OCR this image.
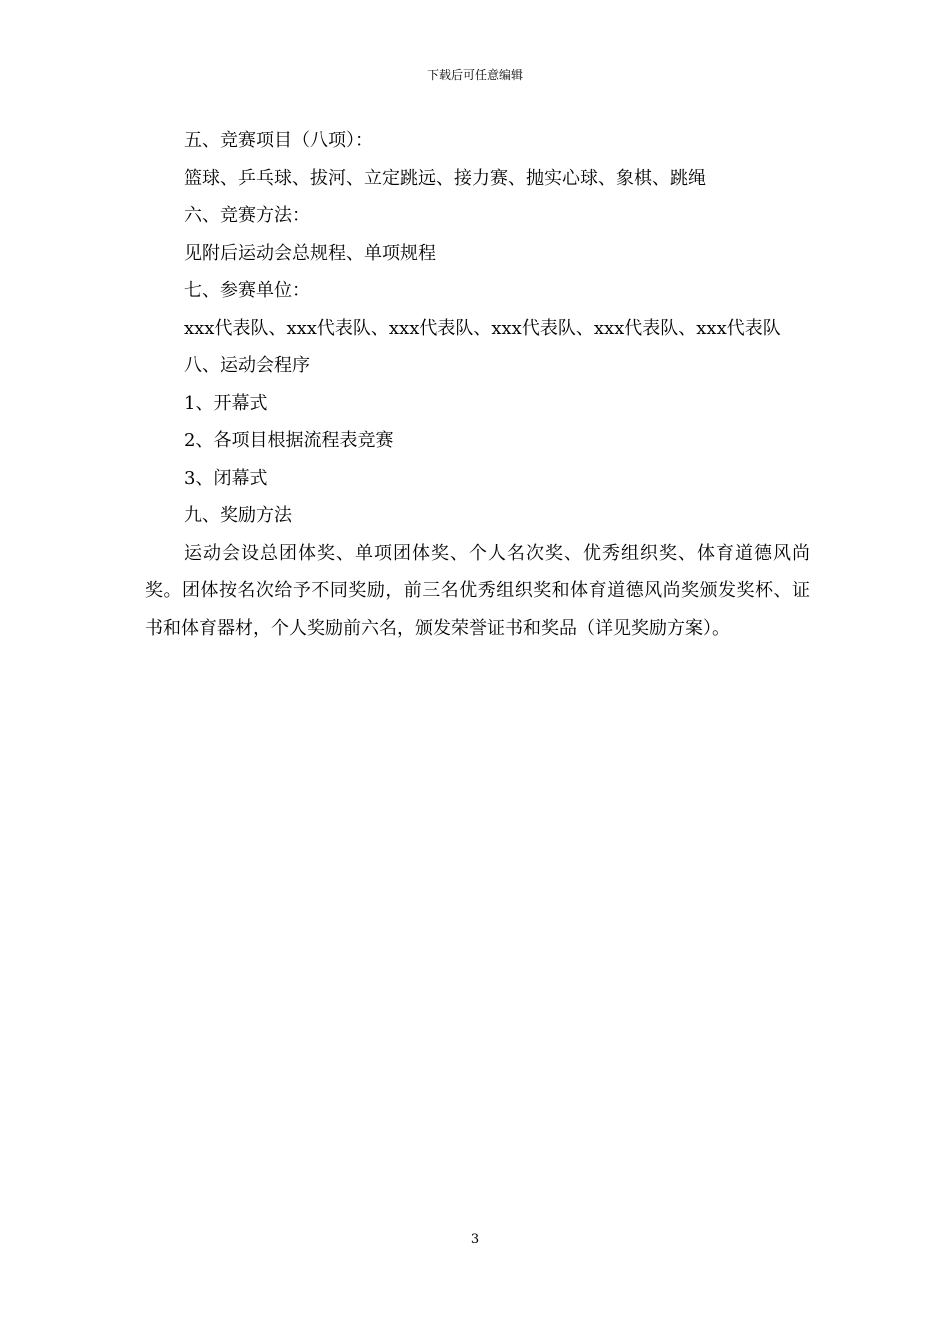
下载后可任意编辑

五、竞赛项目（八项）：

篮球、乒乓球、拔河、立定跳远、接力赛、抛实心球、象棋、跳绳

六、竞赛方法：

见附后运动会总规程、单项规程

七、参赛单位：

xxx代表队、xxx代表队、xxx代表队、xxx代表队、xxx代表队、xxx代表队

八、运动会程序

1、开幕式

2、各项目根据流程表竞赛

3、闭幕式

九、奖励方法

运动会设总团体奖、单项团体奖、个人名次奖、优秀组织奖、体育道德风尚奖。团体按名次给予不同奖励，前三名优秀组织奖和体育道德风尚奖颁发奖杯、证书和体育器材，个人奖励前六名，颁发荣誉证书和奖品（详见奖励方案）。

3
